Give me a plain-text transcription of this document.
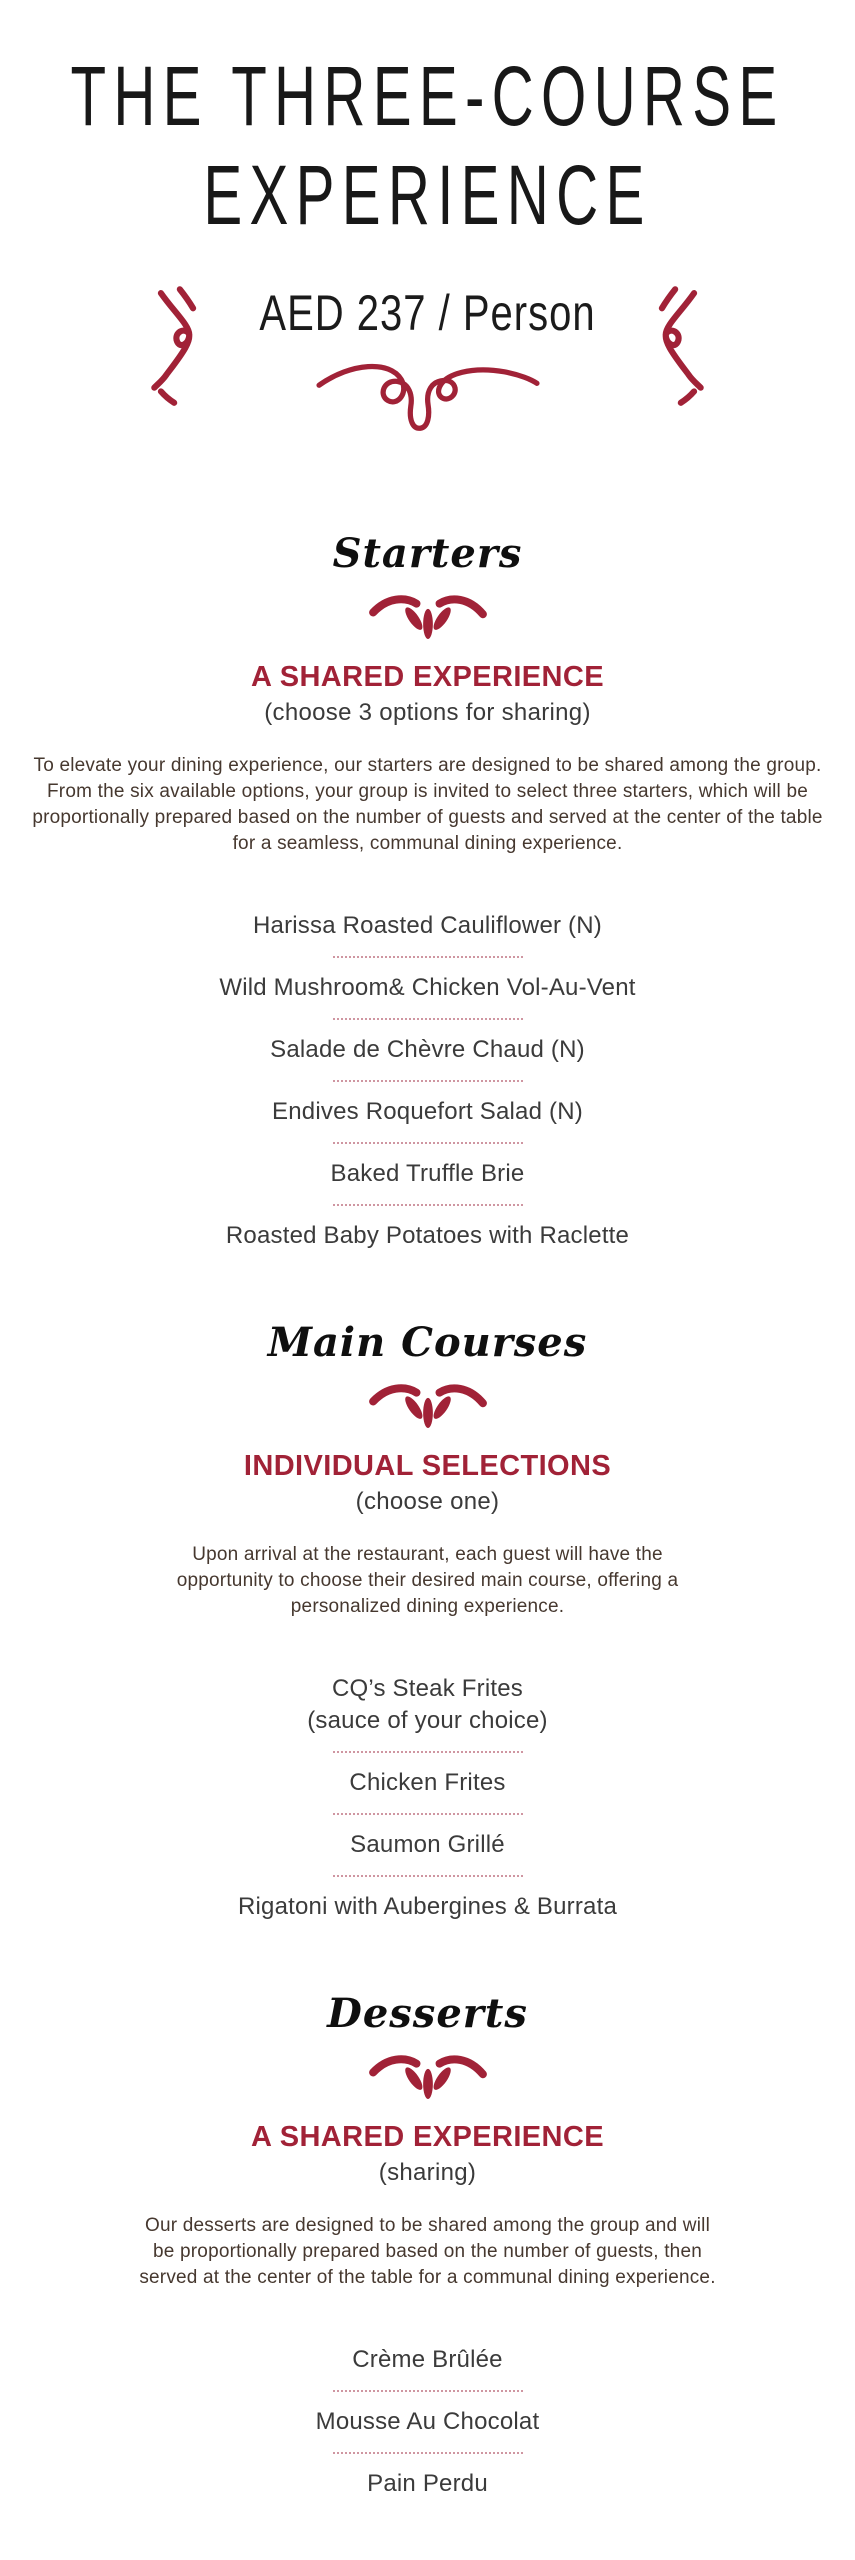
THE THREE-COURSE
EXPERIENCE
AED 237 / Person
Starters
A SHARED EXPERIENCE
(choose 3 options for sharing)

To elevate your dining experience, our starters are designed to be shared among the group. From the six available options, your group is invited to select three starters, which will be proportionally prepared based on the number of guests and served at the center of the table for a seamless, communal dining experience.

Harissa Roasted Cauliflower (N)
Wild Mushroom& Chicken Vol-Au-Vent
Salade de Chèvre Chaud (N)
Endives Roquefort Salad (N)
Baked Truffle Brie
Roasted Baby Potatoes with Raclette
Main Courses
INDIVIDUAL SELECTIONS
(choose one)

Upon arrival at the restaurant, each guest will have the opportunity to choose their desired main course, offering a personalized dining experience.

CQ’s Steak Frites
(sauce of your choice)
Chicken Frites
Saumon Grillé
Rigatoni with Aubergines & Burrata
Desserts
A SHARED EXPERIENCE
(sharing)

Our desserts are designed to be shared among the group and will be proportionally prepared based on the number of guests, then served at the center of the table for a communal dining experience.

Crème Brûlée
Mousse Au Chocolat
Pain Perdu
